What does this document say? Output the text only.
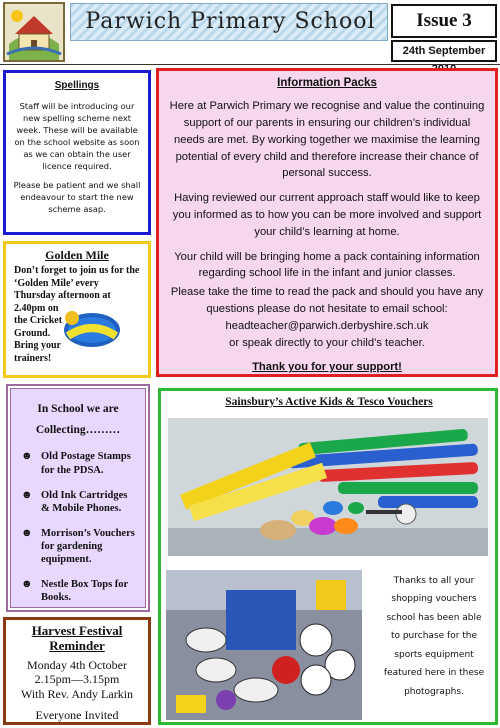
Parwich Primary School	Issue 3
24th September
Spellings

Staff will be introducing our new spelling scheme next week. These will be available on the school website as soon as we can obtain the user licence required.

Please be patient and we shall endeavour to start the new scheme asap.

Information Packs

Here at Parwich Primary we recognise and value the continuing support of our parents in ensuring our children’s individual needs are met. By working together we maximise the learning potential of every child and therefore increase their chance of personal success.

Having reviewed our current approach staff would like to keep you informed as to how you can be more involved and support your child’s learning at home.

Your child will be bringing home a pack containing information regarding school life in the infant and junior classes.

Please take the time to read the pack and should you have any questions please do not hesitate to email school:

headteacher@parwich.derbyshire.sch.uk

or speak directly to your child’s teacher.

Thank you for your support!

Golden Mile
Don’t forget to join us for the ‘Golden Mile’ every Thursday afternoon at
2.40pm on the Cricket Ground.
Bring your trainers!
In School we are Collecting………
☻ Old Postage Stamps for the PDSA.
☻ Old Ink Cartridges & Mobile Phones.
☻ Morrison’s Vouchers for gardening equipment.
☻ Nestle Box Tops for Books.
Harvest Festival Reminder
Monday 4th October
2.15pm—3.15pm

With Rev. Andy Larkin

Everyone Invited

Sainsbury’s Active Kids & Tesco Vouchers
Thanks to all your shopping vouchers school has been able to purchase for the sports equipment featured here in these photographs.
